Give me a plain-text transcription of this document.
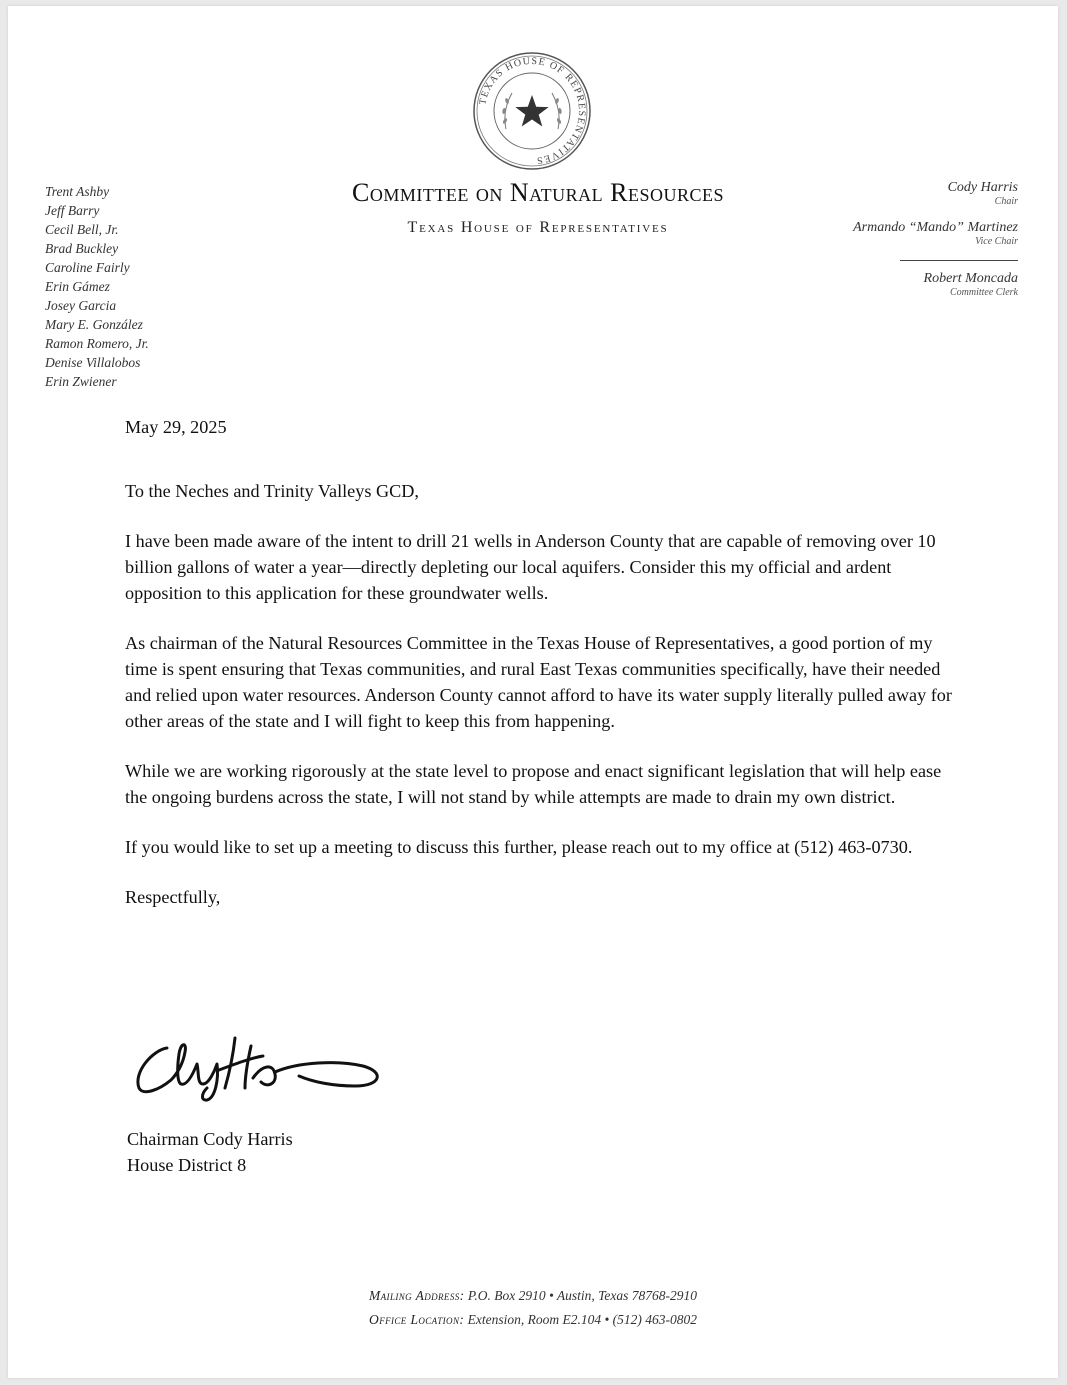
TEXAS HOUSE OF REPRESENTATIVES
Committee on Natural Resources
Texas House of Representatives
Trent Ashby
Jeff Barry
Cecil Bell, Jr.
Brad Buckley
Caroline Fairly
Erin Gámez
Josey Garcia
Mary E. González
Ramon Romero, Jr.
Denise Villalobos
Erin Zwiener
Cody Harris
Chair
Armando “Mando” Martinez
Vice Chair
Robert Moncada
Committee Clerk

May 29, 2025

To the Neches and Trinity Valleys GCD,

I have been made aware of the intent to drill 21 wells in Anderson County that are capable of removing over 10 billion gallons of water a year—directly depleting our local aquifers. Consider this my official and ardent opposition to this application for these groundwater wells.

As chairman of the Natural Resources Committee in the Texas House of Representatives, a good portion of my time is spent ensuring that Texas communities, and rural East Texas communities specifically, have their needed and relied upon water resources. Anderson County cannot afford to have its water supply literally pulled away for other areas of the state and I will fight to keep this from happening.

While we are working rigorously at the state level to propose and enact significant legislation that will help ease the ongoing burdens across the state, I will not stand by while attempts are made to drain my own district.

If you would like to set up a meeting to discuss this further, please reach out to my office at (512) 463-0730.

Respectfully,

Chairman Cody Harris
House District 8
Mailing Address: P.O. Box 2910 • Austin, Texas 78768-2910
Office Location: Extension, Room E2.104 • (512) 463-0802
